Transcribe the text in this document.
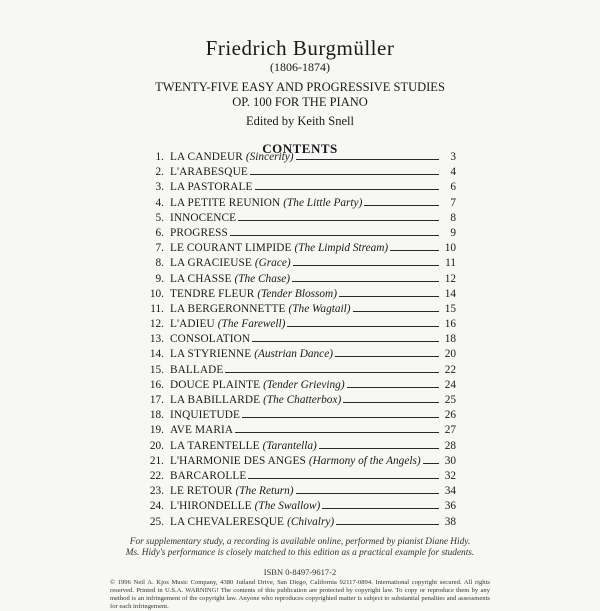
Friedrich Burgmüller
(1806-1874)
TWENTY-FIVE EASY AND PROGRESSIVE STUDIES
OP. 100 FOR THE PIANO
Edited by Keith Snell
CONTENTS
1. LA CANDEUR (Sincerity)	3
2. L'ARABESQUE	4
3. LA PASTORALE	6
4. LA PETITE REUNION (The Little Party)	7
5. INNOCENCE	8
6. PROGRESS	9
7. LE COURANT LIMPIDE (The Limpid Stream)	10
8. LA GRACIEUSE (Grace)	11
9. LA CHASSE (The Chase)	12
10. TENDRE FLEUR (Tender Blossom)	14
11. LA BERGERONNETTE (The Wagtail)	15
12. L'ADIEU (The Farewell)	16
13. CONSOLATION	18
14. LA STYRIENNE (Austrian Dance)	20
15. BALLADE	22
16. DOUCE PLAINTE (Tender Grieving)	24
17. LA BABILLARDE (The Chatterbox)	25
18. INQUIETUDE	26
19. AVE MARIA	27
20. LA TARENTELLE (Tarantella)	28
21. L'HARMONIE DES ANGES (Harmony of the Angels) 30
22. BARCAROLLE	32
23. LE RETOUR (The Return)	34
24. L'HIRONDELLE (The Swallow)	36
25. LA CHEVALERESQUE (Chivalry)	38
For supplementary study, a recording is available online, performed by pianist Diane Hidy.
Ms. Hidy's performance is closely matched to this edition as a practical example for students.
ISBN 0-8497-9617-2
© 1996 Neil A. Kjos Music Company, 4380 Jutland Drive, San Diego, California 92117-0894. International copyright secured. All rights reserved. Printed in U.S.A. WARNING! The contents of this publication are protected by copyright law. To copy or reproduce them by any method is an infringement of the copyright law. Anyone who reproduces copyrighted matter is subject to substantial penalties and assessments for each infringement.
